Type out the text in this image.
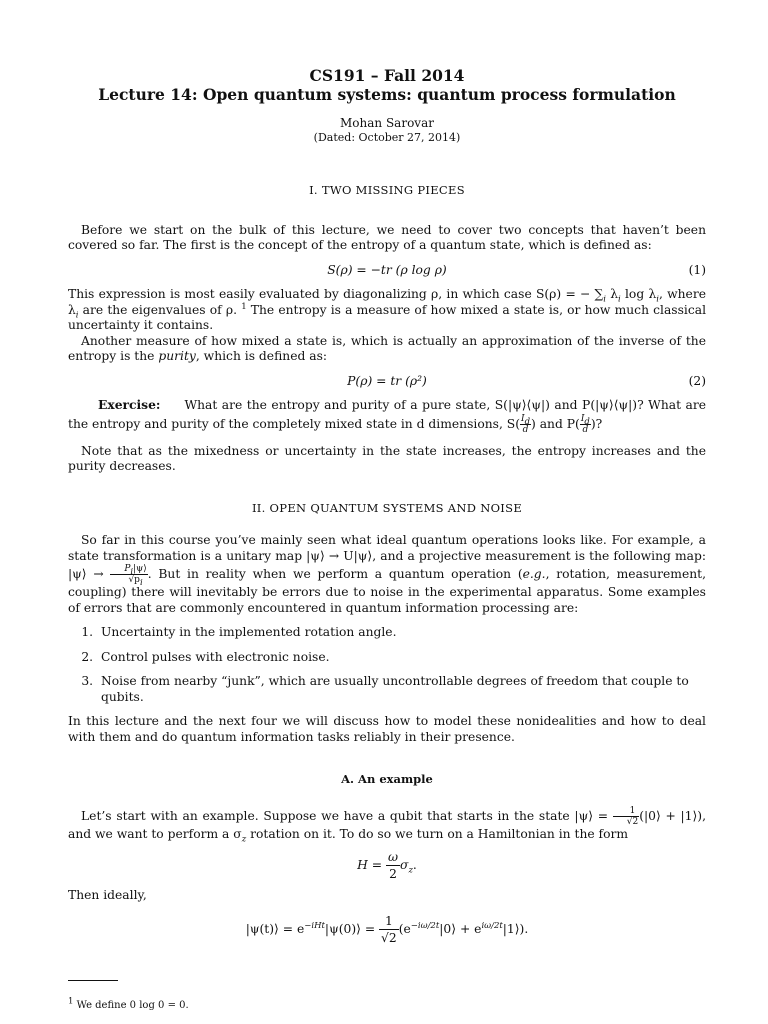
CS191 – Fall 2014
Lecture 14: Open quantum systems: quantum process formulation
Mohan Sarovar
(Dated: October 27, 2014)
I. TWO MISSING PIECES

Before we start on the bulk of this lecture, we need to cover two concepts that haven’t been covered so far. The first is the concept of the entropy of a quantum state, which is defined as:

S(ρ) = −tr (ρ log ρ)	(1)

This expression is most easily evaluated by diagonalizing ρ, in which case S(ρ) = − $\sum_i$ $\lambda_i$ $\log \lambda_i$, where $\lambda_i$ are the eigenvalues of ρ. $^1$ The entropy is a measure of how mixed a state is, or how much classical uncertainty it contains.

Another measure of how mixed a state is, which is actually an approximation of the inverse of the entropy is the purity, which is defined as:

P(ρ) = tr (ρ²)	(2)

Exercise: What are the entropy and purity of a pure state, S(|ψ⟩⟨ψ|) and P(|ψ⟩⟨ψ|)? What are the entropy and purity of the completely mixed state in d dimensions, $S( \frac{I_d}{d}$ ) and $P( \frac{I_d}{d}$ )?

Note that as the mixedness or uncertainty in the state increases, the entropy increases and the purity decreases.

II. OPEN QUANTUM SYSTEMS AND NOISE

So far in this course you’ve mainly seen what ideal quantum operations looks like. For example, a state transformation is a unitary map |ψ⟩ → U|ψ⟩, and a projective measurement is the following map: |ψ⟩ → $\frac{P_i|\psi⟩}{√p_i}$ . But in reality when we perform a quantum operation (e.g., rotation, measurement, coupling) there will inevitably be errors due to noise in the experimental apparatus. Some examples of errors that are commonly encountered in quantum information processing are:

1. Uncertainty in the implemented rotation angle.
2. Control pulses with electronic noise.
3. Noise from nearby “junk”, which are usually uncontrollable degrees of freedom that couple to qubits.

In this lecture and the next four we will discuss how to model these nonidealities and how to deal with them and do quantum information tasks reliably in their presence.

A. An example

Let’s start with an example. Suppose we have a qubit that starts in the state |ψ⟩ = $\frac{1}{√2}$ (|0⟩ + |1⟩), and we want to perform a $\sigma_z$ rotation on it. To do so we turn on a Hamiltonian in the form

$H = \frac{\omega}{2} \sigma_z$.

Then ideally,

|ψ(t)⟩ = $e^{-iHt}|\psi(0)⟩ = \frac{1}{√2}$ ($e^{-i\omega/2t}|0⟩$ + $e^{i\omega/2t}|1⟩$).

$^1$ We define 0 log 0 = 0.
